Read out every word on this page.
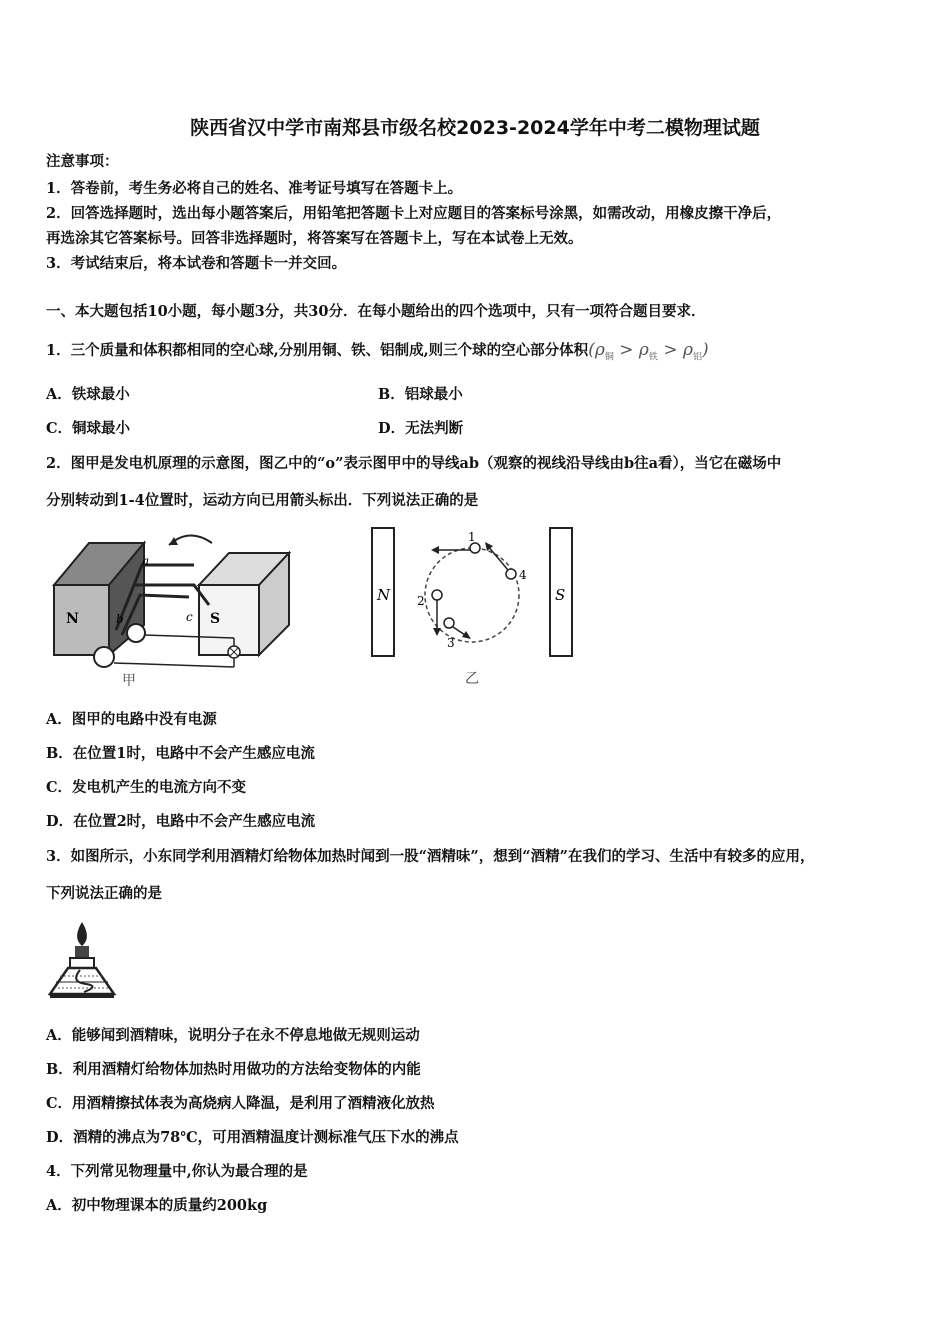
陕西省汉中学市南郑县市级名校2023-2024学年中考二模物理试题
注意事项：
1．答卷前，考生务必将自己的姓名、准考证号填写在答题卡上。
2．回答选择题时，选出每小题答案后，用铅笔把答题卡上对应题目的答案标号涂黑，如需改动，用橡皮擦干净后，
再选涂其它答案标号。回答非选择题时，将答案写在答题卡上，写在本试卷上无效。
3．考试结束后，将本试卷和答题卡一并交回。
一、本大题包括10小题，每小题3分，共30分．在每小题给出的四个选项中，只有一项符合题目要求．
1．三个质量和体积都相同的空心球,分别用铜、铁、铝制成,则三个球的空心部分体积$(\rho_铜 > \rho_铁 > \rho_铝)$
A．铁球最小	B．铝球最小
C．铜球最小	D．无法判断
2．图甲是发电机原理的示意图，图乙中的“o”表示图甲中的导线ab（观察的视线沿导线由b往a看），当它在磁场中
分别转动到1-4位置时，运动方向已用箭头标出．下列说法正确的是
N	S
a
b	c
甲
N	S
1
4
2
3
乙
A．图甲的电路中没有电源
B．在位置1时，电路中不会产生感应电流
C．发电机产生的电流方向不变
D．在位置2时，电路中不会产生感应电流
3．如图所示，小东同学利用酒精灯给物体加热时闻到一股“酒精味”，想到“酒精”在我们的学习、生活中有较多的应用，
下列说法正确的是
A．能够闻到酒精味，说明分子在永不停息地做无规则运动
B．利用酒精灯给物体加热时用做功的方法给变物体的内能
C．用酒精擦拭体表为高烧病人降温，是利用了酒精液化放热
D．酒精的沸点为78℃，可用酒精温度计测标准气压下水的沸点
4．下列常见物理量中,你认为最合理的是
A．初中物理课本的质量约200kg
